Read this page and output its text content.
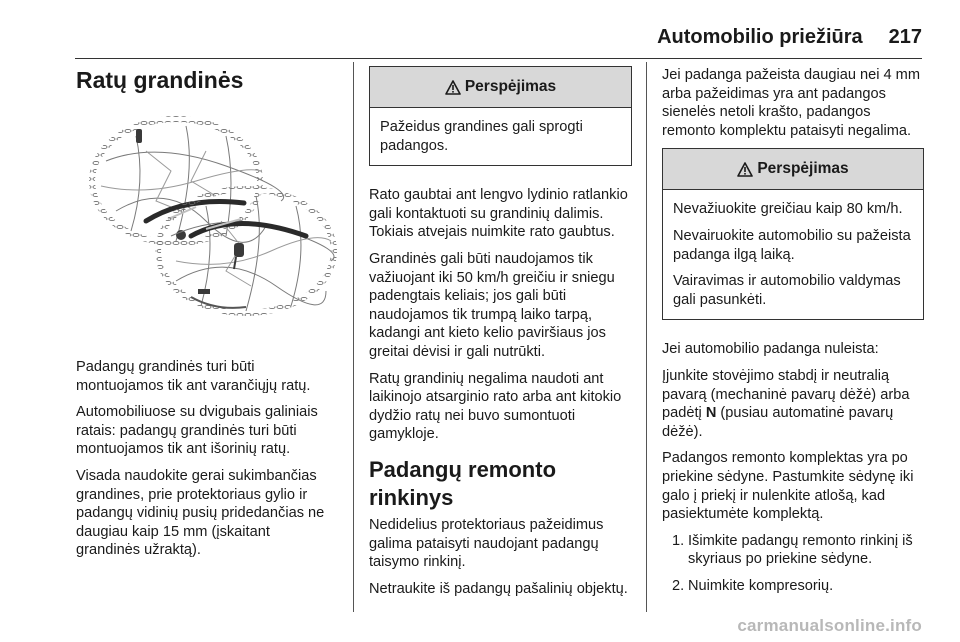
Automobilio priežiūra 217
Ratų grandinės

Padangų grandinės turi būti montuojamos tik ant varančiųjų ratų.

Automobiliuose su dvigubais galiniais ratais: padangų grandinės turi būti montuojamos tik ant išorinių ratų.

Visada naudokite gerai sukimbančias grandines, prie protektoriaus gylio ir padangų vidinių pusių pridedančias ne daugiau kaip 15 mm (įskaitant grandinės užraktą).

Perspėjimas

Pažeidus grandines gali sprogti padangos.

Rato gaubtai ant lengvo lydinio ratlankio gali kontaktuoti su grandinių dalimis. Tokiais atvejais nuimkite rato gaubtus.

Grandinės gali būti naudojamos tik važiuojant iki 50 km/h greičiu ir sniegu padengtais keliais; jos gali būti naudojamos tik trumpą laiko tarpą, kadangi ant kieto kelio paviršiaus jos greitai dėvisi ir gali nutrūkti.

Ratų grandinių negalima naudoti ant laikinojo atsarginio rato arba ant kitokio dydžio ratų nei buvo sumontuoti gamykloje.

Padangų remonto rinkinys

Nedidelius protektoriaus pažeidimus galima pataisyti naudojant padangų taisymo rinkinį.

Netraukite iš padangų pašalinių objektų.

Jei padanga pažeista daugiau nei 4 mm arba pažeidimas yra ant padangos sienelės netoli krašto, padangos remonto komplektu pataisyti negalima.

Perspėjimas

Nevažiuokite greičiau kaip 80 km/h.

Nevairuokite automobilio su pažeista padanga ilgą laiką.

Vairavimas ir automobilio valdymas gali pasunkėti.

Jei automobilio padanga nuleista:

Įjunkite stovėjimo stabdį ir neutralią pavarą (mechaninė pavarų dėžė) arba padėtį N (pusiau automatinė pavarų dėžė).

Padangos remonto komplektas yra po priekine sėdyne. Pastumkite sėdynę iki galo į priekį ir nulenkite atlošą, kad pasiektumėte komplektą.

1. Išimkite padangų remonto rinkinį iš skyriaus po priekine sėdyne.
2. Nuimkite kompresorių.
carmanualsonline.info
